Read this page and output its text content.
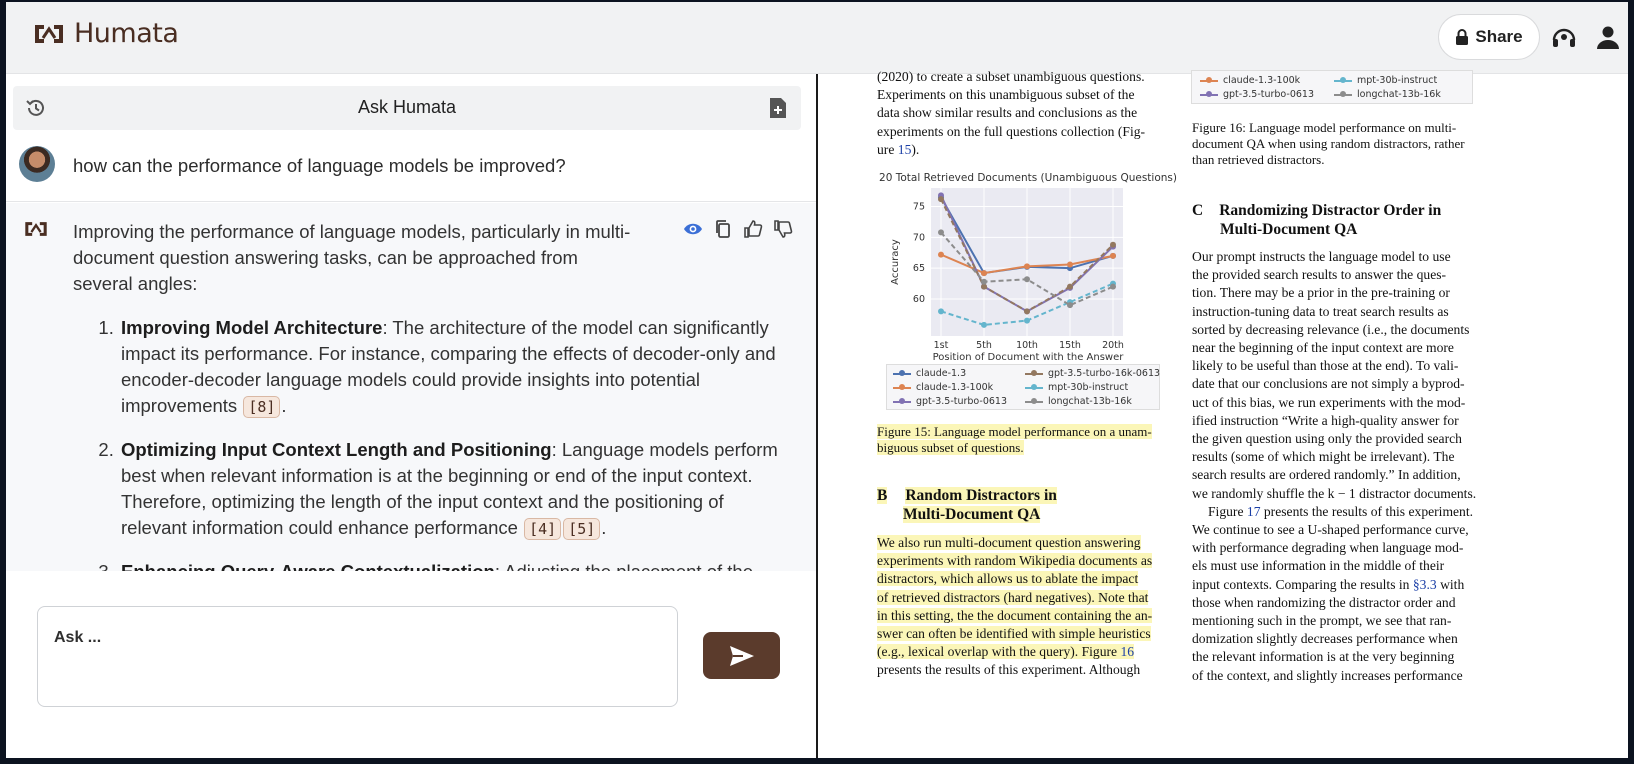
Humata	Share
Ask Humata
how can the performance of language models be improved?
Improving the performance of language models, particularly in multi-document question answering tasks, can be approached from several angles:
1. Improving Model Architecture: The architecture of the model can significantly impact its performance. For instance, comparing the effects of decoder-only and encoder-decoder language models could provide insights into potential improvements [8] .
2. Optimizing Input Context Length and Positioning: Language models perform best when relevant information is at the beginning or end of the input context. Therefore, optimizing the length of the input context and the positioning of relevant information could enhance performance [4] [5] .
3.
Ask ...
(2020) to create a subset unambiguous questions.
Experiments on this unambiguous subset of the
data show similar results and conclusions as the
experiments on the full questions collection (Fig-
ure 15).
20 Total Retrieved Documents (Unambiguous Questions)
60
65
70
75
1st	5th	10th 15th 20th
Accuracy
Position of Document with the Answer
claude-1.3
claude-1.3-100k
gpt-3.5-turbo-0613
gpt-3.5-turbo-16k-0613
mpt-30b-instruct
longchat-13b-16k
Figure 15: Language model performance on a unam-
biguous subset of questions.
B Random Distractors in
Multi-Document QA
We also run multi-document question answering
experiments with random Wikipedia documents as
distractors, which allows us to ablate the impact
of retrieved distractors (hard negatives). Note that
in this setting, the the document containing the an-
swer can often be identified with simple heuristics
(e.g., lexical overlap with the query). Figure 16
presents the results of this experiment. Although
claude-1.3-100k	mpt-30b-instruct
gpt-3.5-turbo-0613	longchat-13b-16k
Figure 16: Language model performance on multi-
document QA when using random distractors, rather
than retrieved distractors.
C Randomizing Distractor Order in
Multi-Document QA
Our prompt instructs the language model to use
the provided search results to answer the ques-
tion. There may be a prior in the pre-training or
instruction-tuning data to treat search results as
sorted by decreasing relevance (i.e., the documents
near the beginning of the input context are more
likely to be useful than those at the end). To vali-
date that our conclusions are not simply a byprod-
uct of this bias, we run experiments with the mod-
ified instruction “Write a high-quality answer for
the given question using only the provided search
results (some of which might be irrelevant). The
search results are ordered randomly.” In addition,
we randomly shuffle the k − 1 distractor documents.
Figure 17 presents the results of this experiment.
We continue to see a U-shaped performance curve,
with performance degrading when language mod-
els must use information in the middle of their
input contexts. Comparing the results in §3.3 with
those when randomizing the distractor order and
mentioning such in the prompt, we see that ran-
domization slightly decreases performance when
the relevant information is at the very beginning
of the context, and slightly increases performance
